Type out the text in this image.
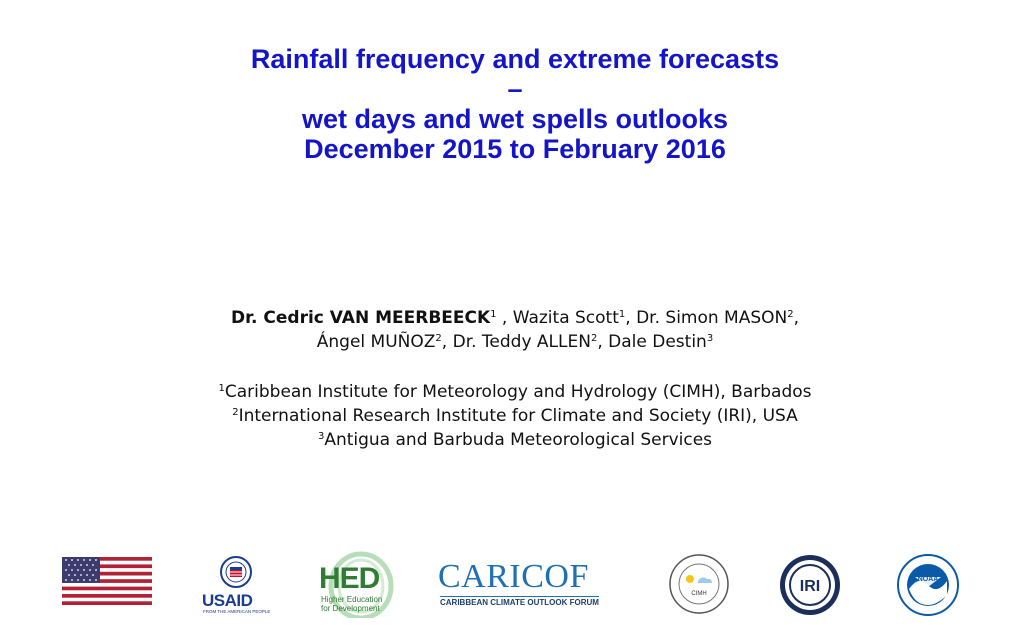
Rainfall frequency and extreme forecasts
–
wet days and wet spells outlooks
December 2015 to February 2016
Dr. Cedric VAN MEERBEECK$^1$ , Wazita Scott$^1$, Dr. Simon MASON$^2$,
Ángel MUÑOZ$^2$, Dr. Teddy ALLEN$^2$, Dale Destin$^3$
$^1$Caribbean Institute for Meteorology and Hydrology (CIMH), Barbados
$^2$International Research Institute for Climate and Society (IRI), USA
$^3$Antigua and Barbuda Meteorological Services
USAID
FROM THE AMERICAN PEOPLE
HED
Higher Education
for Development
CARICOF
CARIBBEAN CLIMATE OUTLOOK FORUM
CIMH	IRI	NOAA
